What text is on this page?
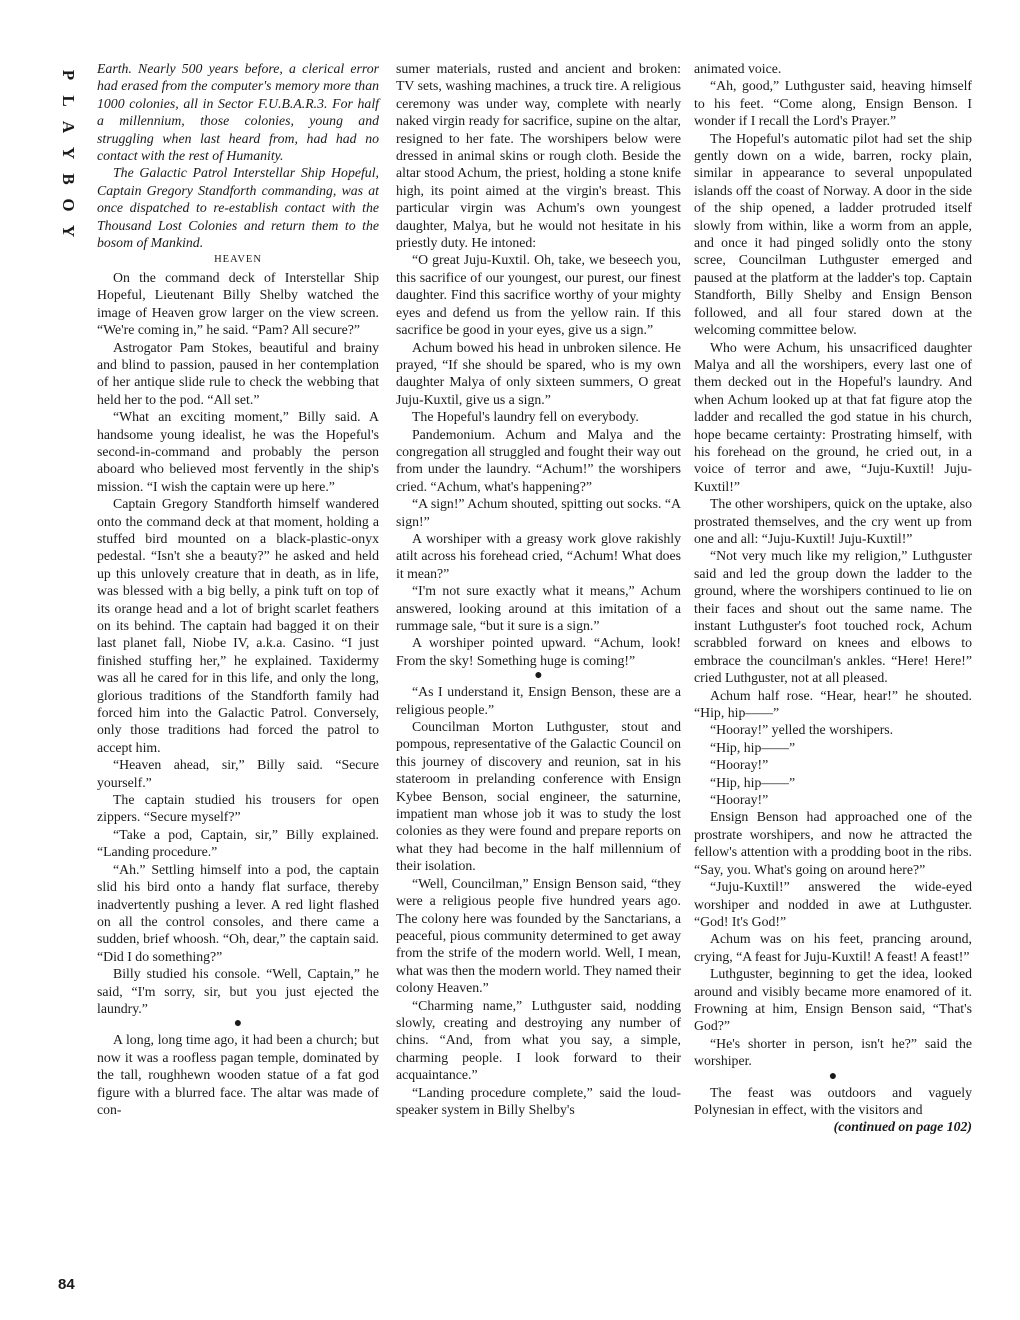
P
L
A
Y
B
O
Y
84

Earth. Nearly 500 years before, a clerical error had erased from the computer's memory more than 1000 colonies, all in Sector F.U.B.A.R.3. For half a millennium, those colonies, young and struggling when last heard from, had had no contact with the rest of Humanity.

The Galactic Patrol Interstellar Ship Hopeful, Captain Gregory Standforth commanding, was at once dispatched to re-establish contact with the Thousand Lost Colonies and return them to the bosom of Mankind.

HEAVEN

On the command deck of Interstellar Ship Hopeful, Lieutenant Billy Shelby watched the image of Heaven grow larger on the view screen. “We're coming in,” he said. “Pam? All secure?”

Astrogator Pam Stokes, beautiful and brainy and blind to passion, paused in her contemplation of her antique slide rule to check the webbing that held her to the pod. “All set.”

“What an exciting moment,” Billy said. A handsome young idealist, he was the Hopeful's second-in-command and probably the person aboard who believed most fervently in the ship's mission. “I wish the captain were up here.”

Captain Gregory Standforth himself wandered onto the command deck at that moment, holding a stuffed bird mounted on a black-plastic-onyx pedestal. “Isn't she a beauty?” he asked and held up this unlovely creature that in death, as in life, was blessed with a big belly, a pink tuft on top of its orange head and a lot of bright scarlet feathers on its behind. The captain had bagged it on their last planet fall, Niobe IV, a.k.a. Casino. “I just finished stuffing her,” he explained. Taxidermy was all he cared for in this life, and only the long, glorious traditions of the Standforth family had forced him into the Galactic Patrol. Conversely, only those traditions had forced the patrol to accept him.

“Heaven ahead, sir,” Billy said. “Secure yourself.”

The captain studied his trousers for open zippers. “Secure myself?”

“Take a pod, Captain, sir,” Billy explained. “Landing procedure.”

“Ah.” Settling himself into a pod, the captain slid his bird onto a handy flat surface, thereby inadvertently pushing a lever. A red light flashed on all the control consoles, and there came a sudden, brief whoosh. “Oh, dear,” the captain said. “Did I do something?”

Billy studied his console. “Well, Captain,” he said, “I'm sorry, sir, but you just ejected the laundry.”

●

A long, long time ago, it had been a church; but now it was a roofless pagan temple, dominated by the tall, roughhewn wooden statue of a fat god figure with a blurred face. The altar was made of con-

sumer materials, rusted and ancient and broken: TV sets, washing machines, a truck tire. A religious ceremony was under way, complete with nearly naked virgin ready for sacrifice, supine on the altar, resigned to her fate. The worshipers below were dressed in animal skins or rough cloth. Beside the altar stood Achum, the priest, holding a stone knife high, its point aimed at the virgin's breast. This particular virgin was Achum's own youngest daughter, Malya, but he would not hesitate in his priestly duty. He intoned:

“O great Juju-Kuxtil. Oh, take, we beseech you, this sacrifice of our youngest, our purest, our finest daughter. Find this sacrifice worthy of your mighty eyes and defend us from the yellow rain. If this sacrifice be good in your eyes, give us a sign.”

Achum bowed his head in unbroken silence. He prayed, “If she should be spared, who is my own daughter Malya of only sixteen summers, O great Juju-Kuxtil, give us a sign.”

The Hopeful's laundry fell on everybody.

Pandemonium. Achum and Malya and the congregation all struggled and fought their way out from under the laundry. “Achum!” the worshipers cried. “Achum, what's happening?”

“A sign!” Achum shouted, spitting out socks. “A sign!”

A worshiper with a greasy work glove rakishly atilt across his forehead cried, “Achum! What does it mean?”

“I'm not sure exactly what it means,” Achum answered, looking around at this imitation of a rummage sale, “but it sure is a sign.”

A worshiper pointed upward. “Achum, look! From the sky! Something huge is coming!”

●

“As I understand it, Ensign Benson, these are a religious people.”

Councilman Morton Luthguster, stout and pompous, representative of the Galactic Council on this journey of discovery and reunion, sat in his stateroom in prelanding conference with Ensign Kybee Benson, social engineer, the saturnine, impatient man whose job it was to study the lost colonies as they were found and prepare reports on what they had become in the half millennium of their isolation.

“Well, Councilman,” Ensign Benson said, “they were a religious people five hundred years ago. The colony here was founded by the Sanctarians, a peaceful, pious community determined to get away from the strife of the modern world. Well, I mean, what was then the modern world. They named their colony Heaven.”

“Charming name,” Luthguster said, nodding slowly, creating and destroying any number of chins. “And, from what you say, a simple, charming people. I look forward to their acquaintance.”

“Landing procedure complete,” said the loud-speaker system in Billy Shelby's

animated voice.

“Ah, good,” Luthguster said, heaving himself to his feet. “Come along, Ensign Benson. I wonder if I recall the Lord's Prayer.”

The Hopeful's automatic pilot had set the ship gently down on a wide, barren, rocky plain, similar in appearance to several unpopulated islands off the coast of Norway. A door in the side of the ship opened, a ladder protruded itself slowly from within, like a worm from an apple, and once it had pinged solidly onto the stony scree, Councilman Luthguster emerged and paused at the platform at the ladder's top. Captain Standforth, Billy Shelby and Ensign Benson followed, and all four stared down at the welcoming committee below.

Who were Achum, his unsacrificed daughter Malya and all the worshipers, every last one of them decked out in the Hopeful's laundry. And when Achum looked up at that fat figure atop the ladder and recalled the god statue in his church, hope became certainty: Prostrating himself, with his forehead on the ground, he cried out, in a voice of terror and awe, “Juju-Kuxtil! Juju-Kuxtil!”

The other worshipers, quick on the uptake, also prostrated themselves, and the cry went up from one and all: “Juju-Kuxtil! Juju-Kuxtil!”

“Not very much like my religion,” Luthguster said and led the group down the ladder to the ground, where the worshipers continued to lie on their faces and shout out the same name. The instant Luthguster's foot touched rock, Achum scrabbled forward on knees and elbows to embrace the councilman's ankles. “Here! Here!” cried Luthguster, not at all pleased.

Achum half rose. “Hear, hear!” he shouted. “Hip, hip——”

“Hooray!” yelled the worshipers.

“Hip, hip——”

“Hooray!”

“Hip, hip——”

“Hooray!”

Ensign Benson had approached one of the prostrate worshipers, and now he attracted the fellow's attention with a prodding boot in the ribs. “Say, you. What's going on around here?”

“Juju-Kuxtil!” answered the wide-eyed worshiper and nodded in awe at Luthguster. “God! It's God!”

Achum was on his feet, prancing around, crying, “A feast for Juju-Kuxtil! A feast! A feast!”

Luthguster, beginning to get the idea, looked around and visibly became more enamored of it. Frowning at him, Ensign Benson said, “That's God?”

“He's shorter in person, isn't he?” said the worshiper.

●

The feast was outdoors and vaguely Polynesian in effect, with the visitors and

(continued on page 102)
